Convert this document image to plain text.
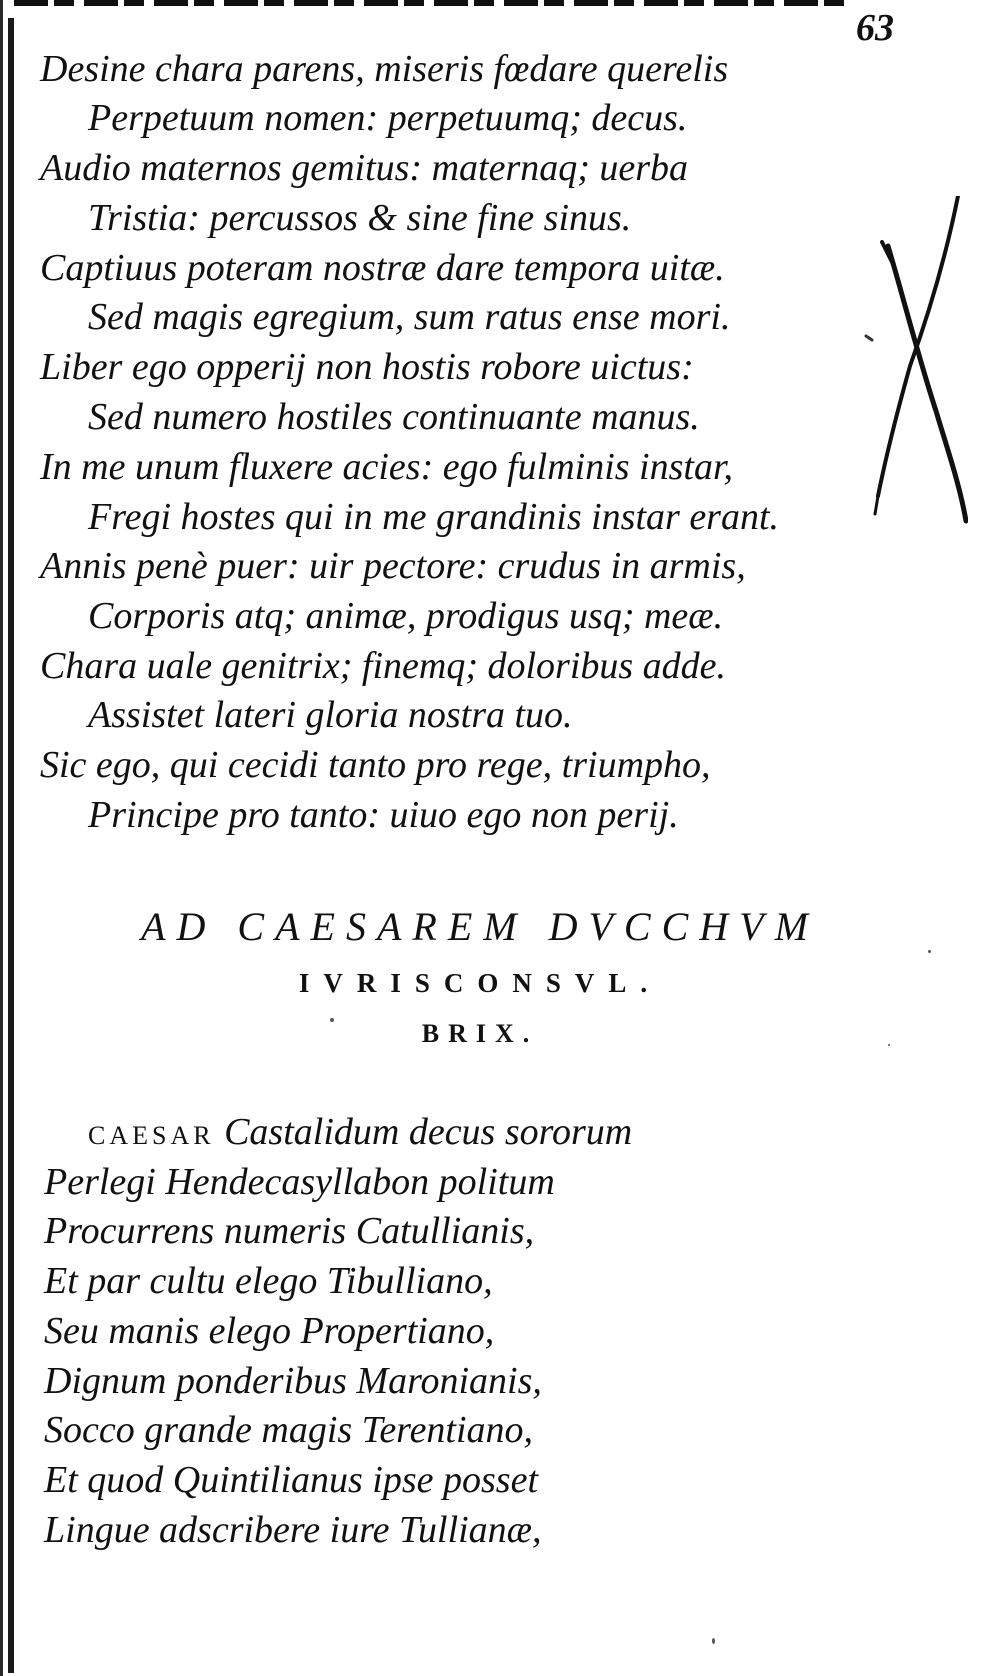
63
Desine chara parens, miseris fœdare querelis
Perpetuum nomen: perpetuumq; decus.
Audio maternos gemitus: maternaq; uerba
Tristia: percussos & sine fine sinus.
Captiuus poteram nostræ dare tempora uitæ.
Sed magis egregium, sum ratus ense mori.
Liber ego opperij non hostis robore uictus:
Sed numero hostiles continuante manus.
In me unum fluxere acies: ego fulminis instar,
Fregi hostes qui in me grandinis instar erant.
Annis penè puer: uir pectore: crudus in armis,
Corporis atq; animæ, prodigus usq; meæ.
Chara uale genitrix; finemq; doloribus adde.
Assistet lateri gloria nostra tuo.
Sic ego, qui cecidi tanto pro rege, triumpho,
Principe pro tanto: uiuo ego non perij.
AD CAESAREM DVCCHVM
IVRISCONSVL.
BRIX.
CAESAR Castalidum decus sororum
Perlegi Hendecasyllabon politum
Procurrens numeris Catullianis,
Et par cultu elego Tibulliano,
Seu manis elego Propertiano,
Dignum ponderibus Maronianis,
Socco grande magis Terentiano,
Et quod Quintilianus ipse posset
Lingue adscribere iure Tullianæ,
